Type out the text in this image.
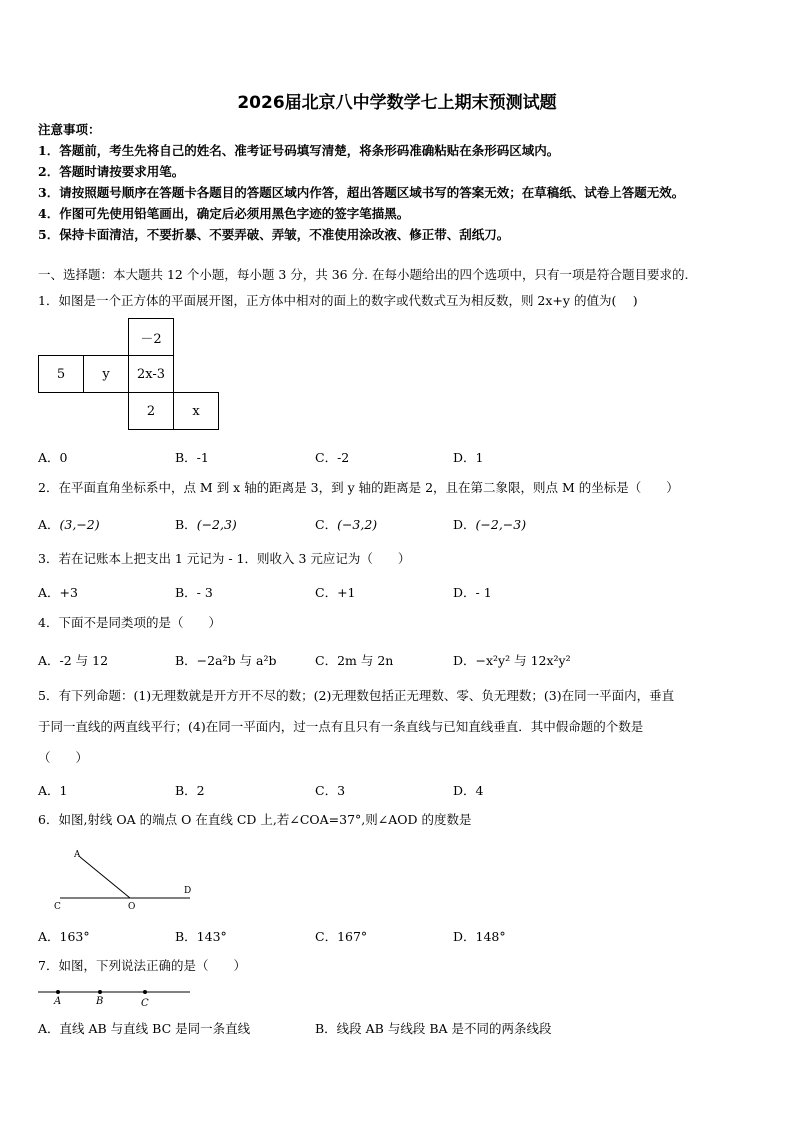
2026届北京八中学数学七上期末预测试题
注意事项：
1．答题前，考生先将自己的姓名、准考证号码填写清楚，将条形码准确粘贴在条形码区域内。
2．答题时请按要求用笔。
3．请按照题号顺序在答题卡各题目的答题区域内作答，超出答题区域书写的答案无效；在草稿纸、试卷上答题无效。
4．作图可先使用铅笔画出，确定后必须用黑色字迹的签字笔描黑。
5．保持卡面清洁，不要折暴、不要弄破、弄皱，不准使用涂改液、修正带、刮纸刀。
一、选择题：本大题共 12 个小题，每小题 3 分，共 36 分. 在每小题给出的四个选项中，只有一项是符合题目要求的.
1．如图是一个正方体的平面展开图，正方体中相对的面上的数字或代数式互为相反数，则 2x+y 的值为(　 )
		－2	
5	y	2x-3	
		2	x
A．0	B．-1	C．-2	D．1
2．在平面直角坐标系中，点 M 到 x 轴的距离是 3，到 y 轴的距离是 2，且在第二象限，则点 M 的坐标是（　　）
A．(3,−2)	B．(−2,3)	C．(−3,2)	D．(−2,−3)
3．若在记账本上把支出 1 元记为 - 1．则收入 3 元应记为（　　）
A．+3	B．- 3	C．+1	D．- 1
4．下面不是同类项的是（　　）
A．-2 与 12	B．−2a²b 与 a²b	C．2m 与 2n	D．−x²y² 与 12x²y²
5．有下列命题：(1)无理数就是开方开不尽的数；(2)无理数包括正无理数、零、负无理数；(3)在同一平面内，垂直
于同一直线的两直线平行；(4)在同一平面内，过一点有且只有一条直线与已知直线垂直．其中假命题的个数是
（　　）
A．1	B．2	C．3	D．4
6．如图,射线 OA 的端点 O 在直线 CD 上,若∠COA=37°,则∠AOD 的度数是
A
C	O
D
A．163°	B．143°	C．167°	D．148°
7．如图，下列说法正确的是（　　）
A	B	C
A．直线 AB 与直线 BC 是同一条直线	B．线段 AB 与线段 BA 是不同的两条线段
